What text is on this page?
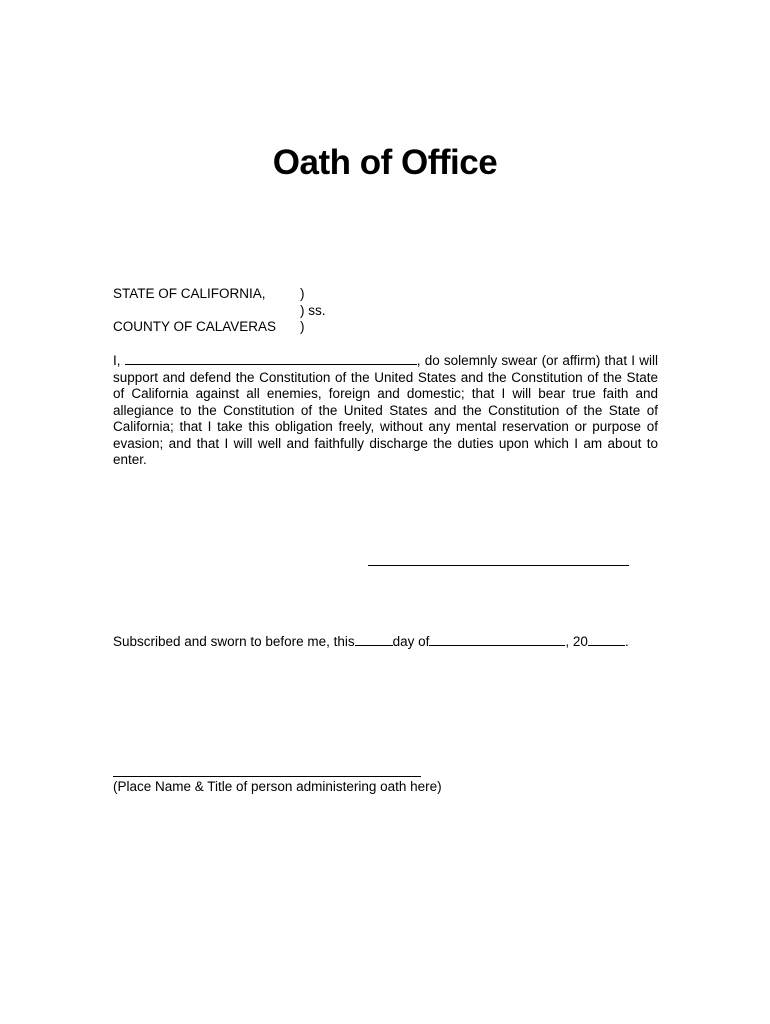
Oath of Office
STATE OF CALIFORNIA,	)
) ss.
COUNTY OF CALAVERAS )
I,	, do solemnly swear (or affirm) that I will support and defend the Constitution of the United States and the Constitution of the State of California against all enemies, foreign and domestic; that I will bear true faith and allegiance to the Constitution of the United States and the Constitution of the State of California; that I take this obligation freely, without any mental reservation or purpose of evasion; and that I will well and faithfully discharge the duties upon which I am about to enter.
Subscribed and sworn to before me, this	day of	, 20	.
(Place Name & Title of person administering oath here)
